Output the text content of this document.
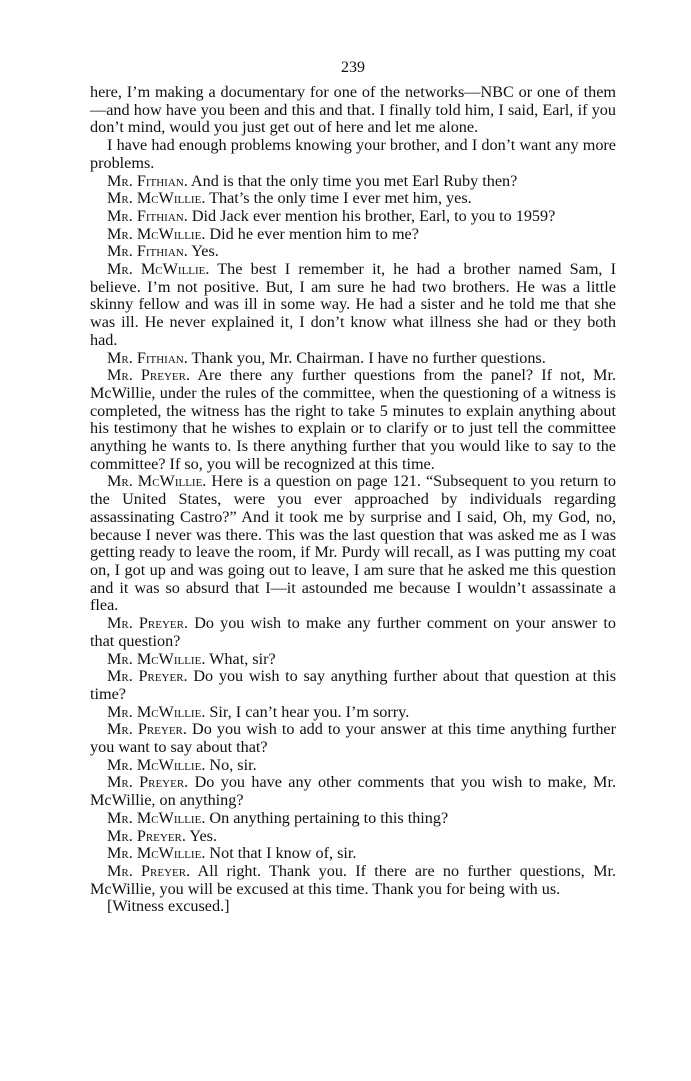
239

here, I’m making a documentary for one of the networks—NBC or one of them—and how have you been and this and that. I finally told him, I said, Earl, if you don’t mind, would you just get out of here and let me alone.

I have had enough problems knowing your brother, and I don’t want any more problems.

Mr. Fithian. And is that the only time you met Earl Ruby then?

Mr. McWillie. That’s the only time I ever met him, yes.

Mr. Fithian. Did Jack ever mention his brother, Earl, to you to 1959?

Mr. McWillie. Did he ever mention him to me?

Mr. Fithian. Yes.

Mr. McWillie. The best I remember it, he had a brother named Sam, I believe. I’m not positive. But, I am sure he had two brothers. He was a little skinny fellow and was ill in some way. He had a sister and he told me that she was ill. He never explained it, I don’t know what illness she had or they both had.

Mr. Fithian. Thank you, Mr. Chairman. I have no further questions.

Mr. Preyer. Are there any further questions from the panel? If not, Mr. McWillie, under the rules of the committee, when the questioning of a witness is completed, the witness has the right to take 5 minutes to explain anything about his testimony that he wishes to explain or to clarify or to just tell the committee anything he wants to. Is there anything further that you would like to say to the committee? If so, you will be recognized at this time.

Mr. McWillie. Here is a question on page 121. “Subsequent to you return to the United States, were you ever approached by individuals regarding assassinating Castro?” And it took me by surprise and I said, Oh, my God, no, because I never was there. This was the last question that was asked me as I was getting ready to leave the room, if Mr. Purdy will recall, as I was putting my coat on, I got up and was going out to leave, I am sure that he asked me this question and it was so absurd that I—it astounded me because I wouldn’t assassinate a flea.

Mr. Preyer. Do you wish to make any further comment on your answer to that question?

Mr. McWillie. What, sir?

Mr. Preyer. Do you wish to say anything further about that question at this time?

Mr. McWillie. Sir, I can’t hear you. I’m sorry.

Mr. Preyer. Do you wish to add to your answer at this time anything further you want to say about that?

Mr. McWillie. No, sir.

Mr. Preyer. Do you have any other comments that you wish to make, Mr. McWillie, on anything?

Mr. McWillie. On anything pertaining to this thing?

Mr. Preyer. Yes.

Mr. McWillie. Not that I know of, sir.

Mr. Preyer. All right. Thank you. If there are no further questions, Mr. McWillie, you will be excused at this time. Thank you for being with us.

[Witness excused.]
